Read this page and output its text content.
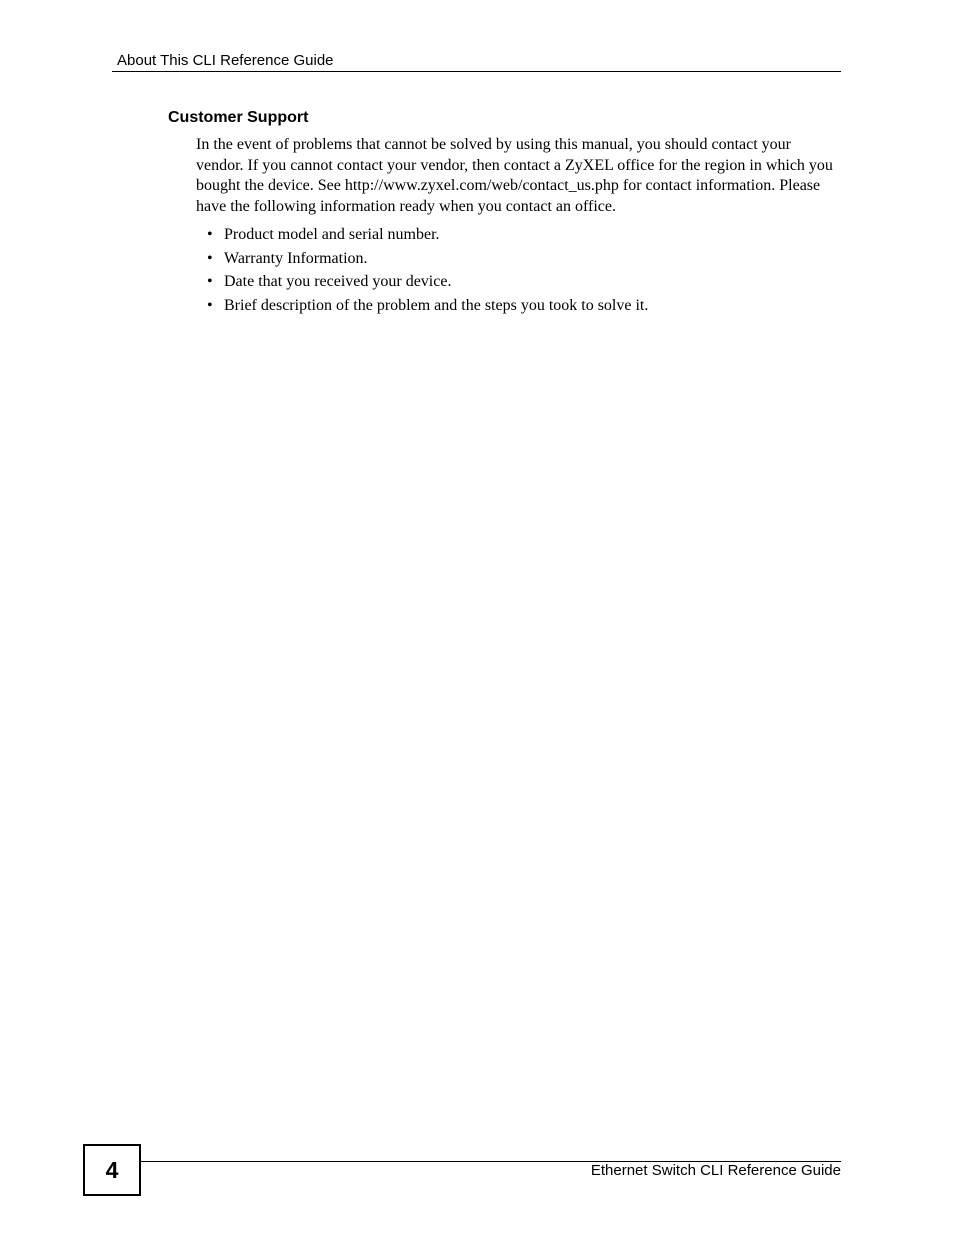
About This CLI Reference Guide
Customer Support

In the event of problems that cannot be solved by using this manual, you should contact your vendor. If you cannot contact your vendor, then contact a ZyXEL office for the region in which you bought the device. See http://www.zyxel.com/web/contact_us.php for contact information. Please have the following information ready when you contact an office.

• Product model and serial number.
• Warranty Information.
• Date that you received your device.
• Brief description of the problem and the steps you took to solve it.
4	Ethernet Switch CLI Reference Guide
